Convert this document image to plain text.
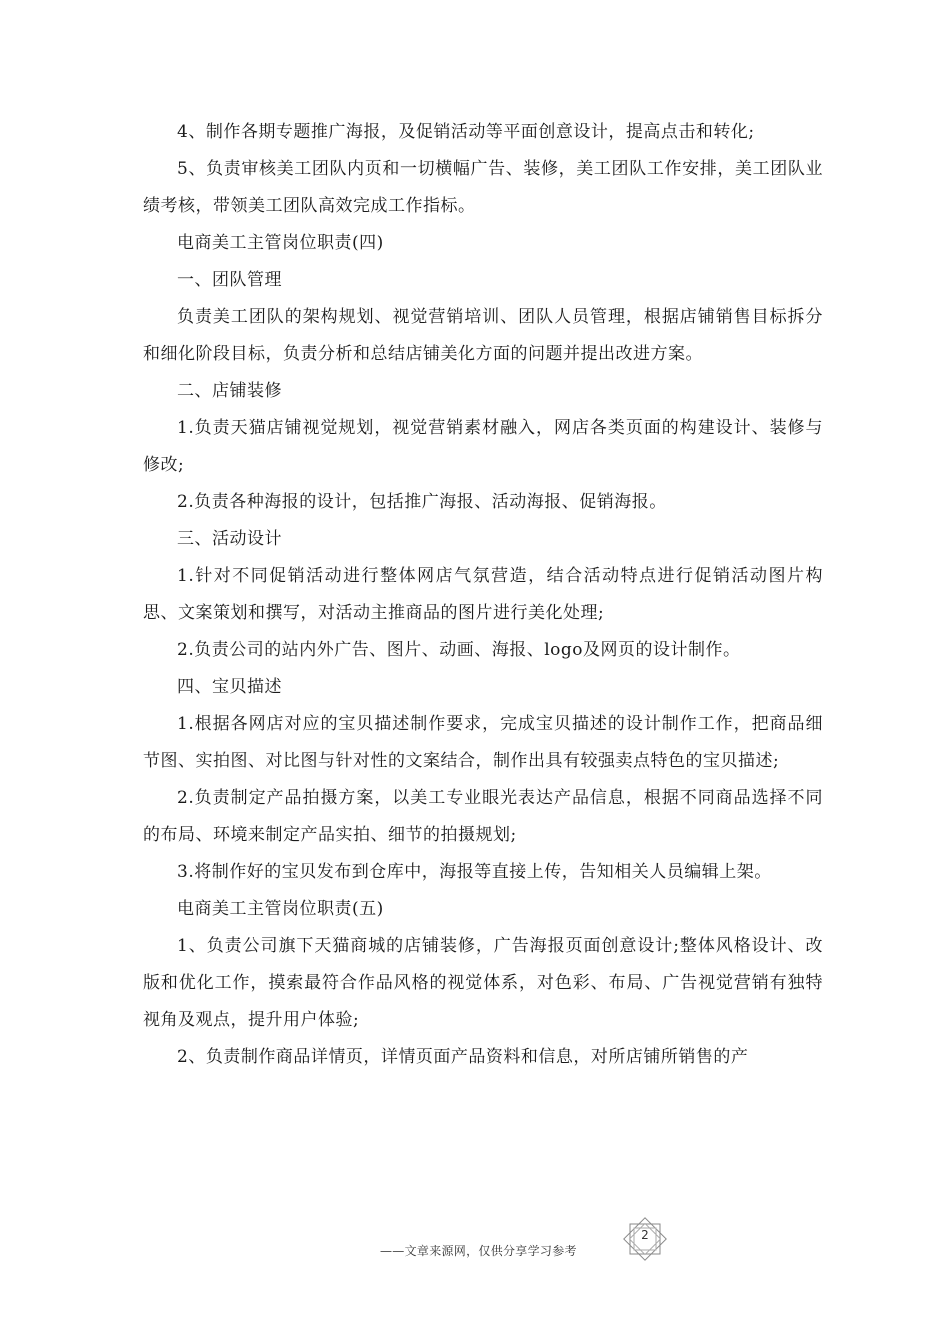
4、制作各期专题推广海报，及促销活动等平面创意设计，提高点击和转化;

5、负责审核美工团队内页和一切横幅广告、装修，美工团队工作安排，美工团队业绩考核，带领美工团队高效完成工作指标。

电商美工主管岗位职责(四)

一、团队管理

负责美工团队的架构规划、视觉营销培训、团队人员管理，根据店铺销售目标拆分和细化阶段目标，负责分析和总结店铺美化方面的问题并提出改进方案。

二、店铺装修

1.负责天猫店铺视觉规划，视觉营销素材融入，网店各类页面的构建设计、装修与修改;

2.负责各种海报的设计，包括推广海报、活动海报、促销海报。

三、活动设计

1.针对不同促销活动进行整体网店气氛营造，结合活动特点进行促销活动图片构思、文案策划和撰写，对活动主推商品的图片进行美化处理;

2.负责公司的站内外广告、图片、动画、海报、logo及网页的设计制作。

四、宝贝描述

1.根据各网店对应的宝贝描述制作要求，完成宝贝描述的设计制作工作，把商品细节图、实拍图、对比图与针对性的文案结合，制作出具有较强卖点特色的宝贝描述;

2.负责制定产品拍摄方案，以美工专业眼光表达产品信息，根据不同商品选择不同的布局、环境来制定产品实拍、细节的拍摄规划;

3.将制作好的宝贝发布到仓库中，海报等直接上传，告知相关人员编辑上架。

电商美工主管岗位职责(五)

1、负责公司旗下天猫商城的店铺装修，广告海报页面创意设计;整体风格设计、改版和优化工作，摸索最符合作品风格的视觉体系，对色彩、布局、广告视觉营销有独特视角及观点，提升用户体验;

2、负责制作商品详情页，详情页面产品资料和信息，对所店铺所销售的产

2
——文章来源网，仅供分享学习参考
